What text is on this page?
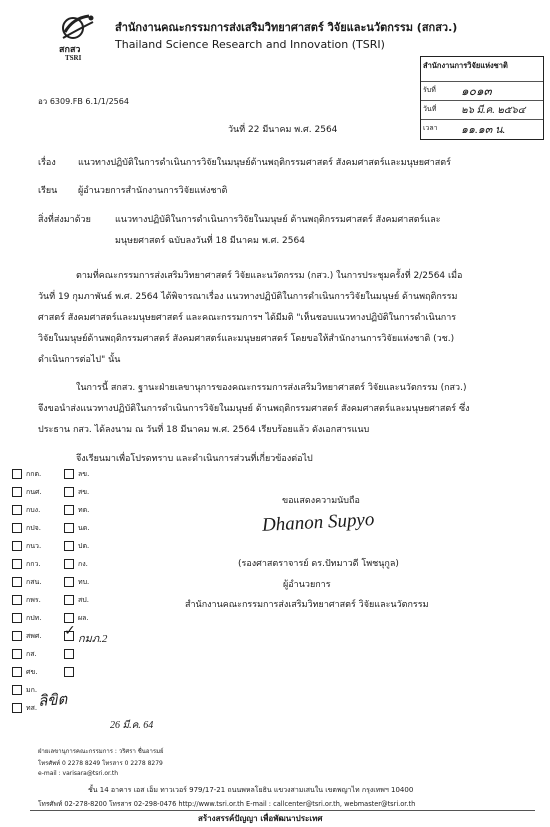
สกสว
TSRI
สำนักงานคณะกรรมการส่งเสริมวิทยาศาสตร์ วิจัยและนวัตกรรม (สกสว.)
Thailand Science Research and Innovation (TSRI)
สำนักงานการวิจัยแห่งชาติ
รับที่ ๑๐๑๓
วันที่ ๒๖ มี.ค. ๒๕๖๔
เวลา ๑๑.๑๓ น.
อว 6309.FB 6.1/1/2564
วันที่ 22 มีนาคม พ.ศ. 2564
เรื่อง แนวทางปฏิบัติในการดำเนินการวิจัยในมนุษย์ด้านพฤติกรรมศาสตร์ สังคมศาสตร์และมนุษยศาสตร์
เรียน ผู้อำนวยการสำนักงานการวิจัยแห่งชาติ
สิ่งที่ส่งมาด้วย	แนวทางปฏิบัติในการดำเนินการวิจัยในมนุษย์ ด้านพฤติกรรมศาสตร์ สังคมศาสตร์และ
มนุษยศาสตร์ ฉบับลงวันที่ 18 มีนาคม พ.ศ. 2564
ตามที่คณะกรรมการส่งเสริมวิทยาศาสตร์ วิจัยและนวัตกรรม (กสว.) ในการประชุมครั้งที่ 2/2564 เมื่อ
วันที่ 19 กุมภาพันธ์ พ.ศ. 2564 ได้พิจารณาเรื่อง แนวทางปฏิบัติในการดำเนินการวิจัยในมนุษย์ ด้านพฤติกรรม
ศาสตร์ สังคมศาสตร์และมนุษยศาสตร์ และคณะกรรมการฯ ได้มีมติ "เห็นชอบแนวทางปฏิบัติในการดำเนินการ
วิจัยในมนุษย์ด้านพฤติกรรมศาสตร์ สังคมศาสตร์และมนุษยศาสตร์ โดยขอให้สำนักงานการวิจัยแห่งชาติ (วช.)
ดำเนินการต่อไป" นั้น
ในการนี้ สกสว. ฐานะฝ่ายเลขานุการของคณะกรรมการส่งเสริมวิทยาศาสตร์ วิจัยและนวัตกรรม (กสว.)
จึงขอนำส่งแนวทางปฏิบัติในการดำเนินการวิจัยในมนุษย์ ด้านพฤติกรรมศาสตร์ สังคมศาสตร์และมนุษยศาสตร์ ซึ่ง
ประธาน กสว. ได้ลงนาม ณ วันที่ 18 มีนาคม พ.ศ. 2564 เรียบร้อยแล้ว ดังเอกสารแนบ
จึงเรียนมาเพื่อโปรดทราบ และดำเนินการส่วนที่เกี่ยวข้องต่อไป
กกต.
กนศ.
กบง.
กปจ.
กนว.
กกว.
กสน.
กพร.
กปท.
สพศ.
กส.
ศข.
มก.
ทส.
ลข.
สข.
ทต.
นต.
ปต.
กง.
ทบ.
สป.
ผล.
✓ กมภ.2
ลิขิต
26 มี.ค. 64
ขอแสดงความนับถือ
Dhanon Supyo
(รองศาสตราจารย์ ดร.ปัทมาวดี โพชนุกูล)
ผู้อำนวยการ
สำนักงานคณะกรรมการส่งเสริมวิทยาศาสตร์ วิจัยและนวัตกรรม
ฝ่ายเลขานุการคณะกรรมการ : วริศรา ชื่นอารมย์
โทรศัพท์ 0 2278 8249 โทรสาร 0 2278 8279
e-mail : varisara@tsri.or.th
ชั้น 14 อาคาร เอส เอ็ม ทาวเวอร์ 979/17-21 ถนนพหลโยธิน แขวงสามเสนใน เขตพญาไท กรุงเทพฯ 10400
โทรศัพท์ 02-278-8200 โทรสาร 02-298-0476 http://www.tsri.or.th E-mail : callcenter@tsri.or.th, webmaster@tsri.or.th
สร้างสรรค์ปัญญา เพื่อพัฒนาประเทศ
